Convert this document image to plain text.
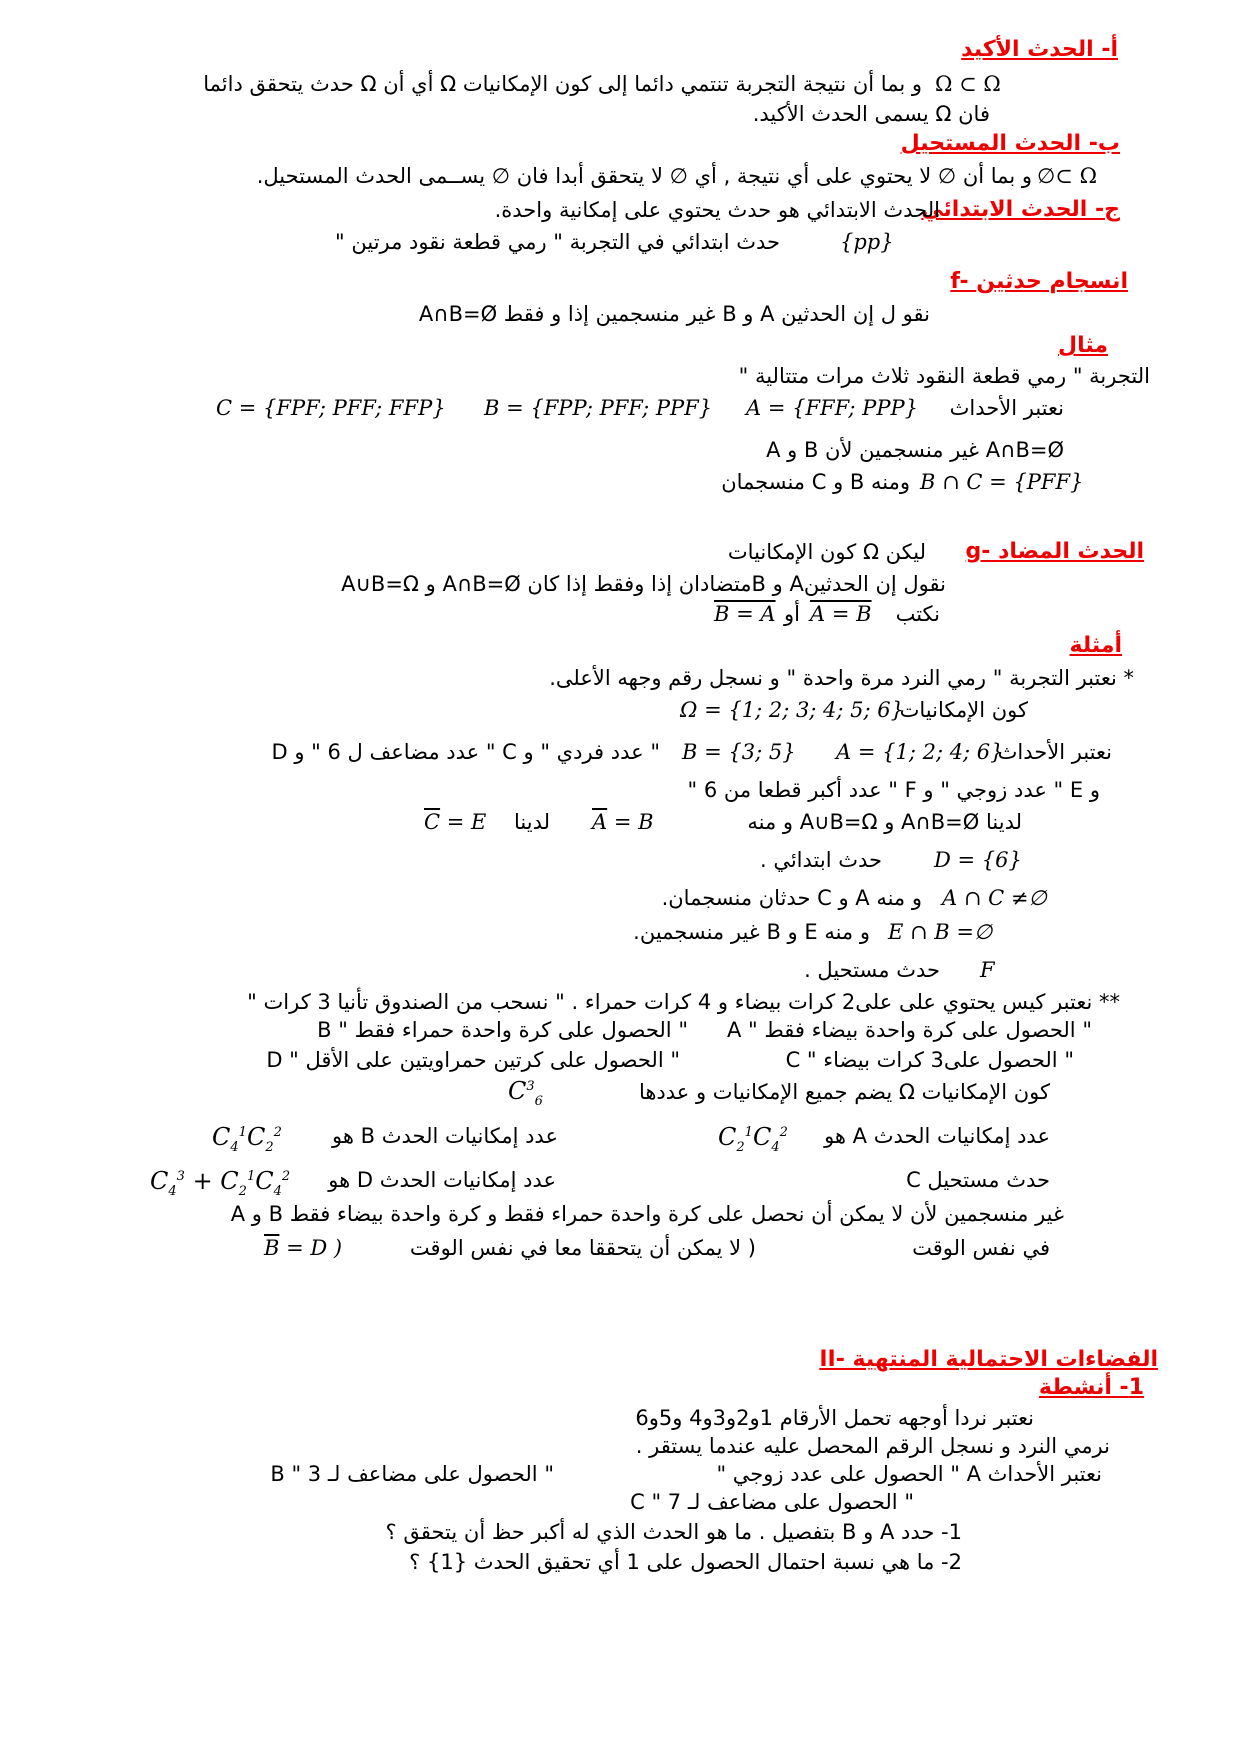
أ- الحدث الأكيد
Ω ⊂ Ω
و بما أن نتيجة التجربة تنتمي دائما إلى كون الإمكانيات Ω أي أن Ω حدث يتحقق دائما
فان Ω يسمى الحدث الأكيد.
ب- الحدث المستحيل
∅⊂ Ω
و بما أن ∅ لا يحتوي على أي نتيجة , أي ∅ لا يتحقق أبدا فان ∅ يســمى الحدث المستحيل.
ج- الحدث الابتدائي
الحدث الابتدائي هو حدث يحتوي على إمكانية واحدة.
حدث ابتدائي في التجربة " رمي قطعة نقود مرتين "	{pp}
f- انسجام حدثين
نقو ل إن الحدثين A و B غير منسجمين إذا و فقط A∩B=Ø
مثال
التجربة " رمي قطعة النقود ثلاث مرات متتالية "
نعتبر الأحداث
A = {FFF; PPP}
B = {FPP; PFF; PPF}
C = {FPF; PFF; FFP}
A و B غير منسجمين لأن A∩B=Ø
B ∩ C = {PFF}
ومنه B و C منسجمان
g- الحدث المضاد
ليكن Ω كون الإمكانيات
نقول إن الحدثينA و Bمتضادان إذا وفقط إذا كان A∩B=Ø و A∪B=Ω
نكتب
A = B
أو
B = A
أمثلة
* نعتبر التجربة " رمي النرد مرة واحدة " و نسجل رقم وجهه الأعلى.
كون الإمكانيات
Ω = {1; 2; 3; 4; 5; 6}
نعتبر الأحداث
A = {1; 2; 4; 6}
B = {3; 5}
" عدد فردي " و C " عدد مضاعف ل 6 " و D
و E " عدد زوجي " و F " عدد أكبر قطعا من 6 "
لدينا A∩B=Ø و A∪B=Ω و منه
$\overline{A} = B$
لدينا
$\overline{C} = E$
حدث ابتدائي . D = {6}
A ∩ C ≠∅
و منه A و C حدثان منسجمان.
E ∩ B =∅
و منه E و B غير منسجمين.
حدث مستحيل . F
** نعتبر كيس يحتوي على على2 كرات بيضاء و 4 كرات حمراء . " نسحب من الصندوق تأنيا 3 كرات "
A " الحصول على كرة واحدة بيضاء فقط "
B " الحصول على كرة واحدة حمراء فقط "
C " الحصول على3 كرات بيضاء "
D " الحصول على كرتين حمراويتين على الأقل "
كون الإمكانيات Ω يضم جميع الإمكانيات و عددها
$C^3_6$
عدد إمكانيات الحدث A هو
$C_2^1C_4^2$
عدد إمكانيات الحدث B هو
$C_4^1C_2^2$
C حدث مستحيل
عدد إمكانيات الحدث D هو
$C_4^3 + C_2^1C_4^2$
A و B غير منسجمين لأن لا يمكن أن نحصل على كرة واحدة حمراء فقط و كرة واحدة بيضاء فقط
في نفس الوقت
( لا يمكن أن يتحققا معا في نفس الوقت
$\overline{B} = D$ )
II- الفضاءات الاحتمالية المنتهية
1- أنشطة
نعتبر نردا أوجهه تحمل الأرقام 1و2و3و4 و5و6
نرمي النرد و نسجل الرقم المحصل عليه عندما يستقر .
نعتبر الأحداث A " الحصول على عدد زوجي "
B " الحصول على مضاعف لـ 3 "
C " الحصول على مضاعف لـ 7 "
1- حدد A و B بتفصيل . ما هو الحدث الذي له أكبر حظ أن يتحقق ؟
2- ما هي نسبة احتمال الحصول على 1 أي تحقيق الحدث {1} ؟
